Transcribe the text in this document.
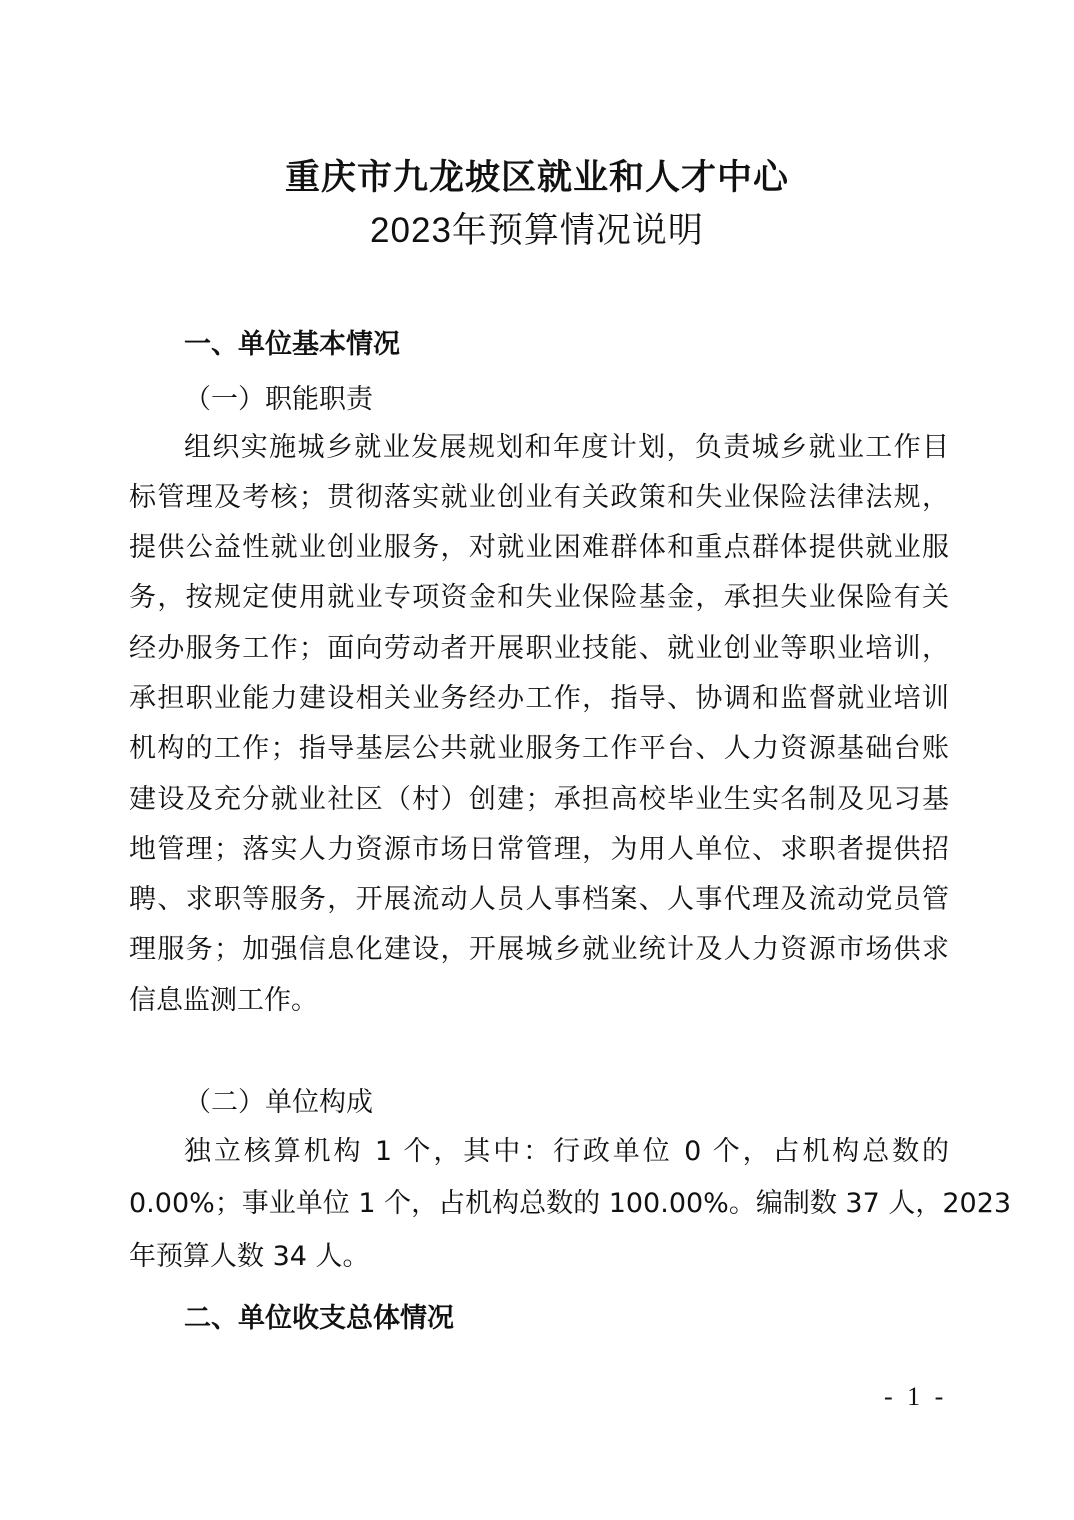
重庆市九龙坡区就业和人才中心
2023年预算情况说明
一、单位基本情况
（一）职能职责
组织实施城乡就业发展规划和年度计划，负责城乡就业工作目
标管理及考核；贯彻落实就业创业有关政策和失业保险法律法规，
提供公益性就业创业服务，对就业困难群体和重点群体提供就业服
务，按规定使用就业专项资金和失业保险基金，承担失业保险有关
经办服务工作；面向劳动者开展职业技能、就业创业等职业培训，
承担职业能力建设相关业务经办工作，指导、协调和监督就业培训
机构的工作；指导基层公共就业服务工作平台、人力资源基础台账
建设及充分就业社区（村）创建；承担高校毕业生实名制及见习基
地管理；落实人力资源市场日常管理，为用人单位、求职者提供招
聘、求职等服务，开展流动人员人事档案、人事代理及流动党员管
理服务；加强信息化建设，开展城乡就业统计及人力资源市场供求
信息监测工作。
（二）单位构成
独立核算机构 1 个，其中：行政单位 0 个，占机构总数的
0.00%；事业单位 1 个，占机构总数的 100.00%。编制数 37 人，2023
年预算人数 34 人。
二、单位收支总体情况
- 1 -
